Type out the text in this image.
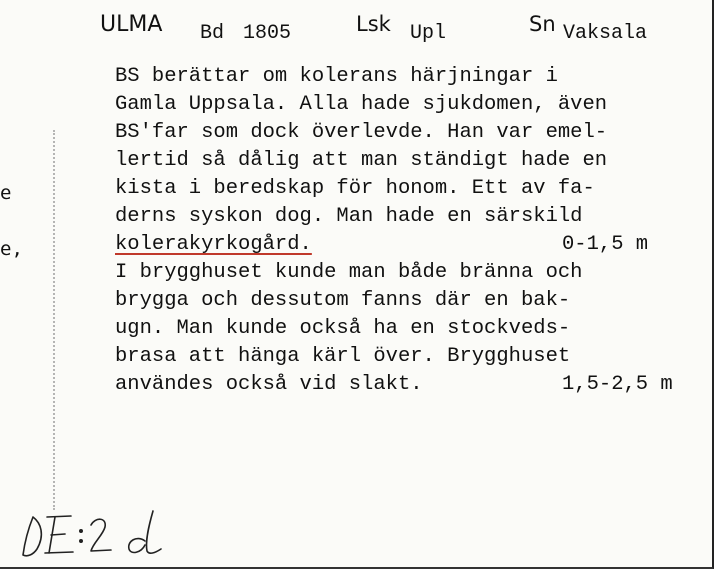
e
e,
ULMA Bd 1805	Lsk Upl	Sn Vaksala
BS berättar om kolerans härjningar i
Gamla Uppsala. Alla hade sjukdomen, även
BS'far som dock överlevde. Han var emel-
lertid så dålig att man ständigt hade en
kista i beredskap för honom. Ett av fa-
derns syskon dog. Man hade en särskild
kolerakyrkogård.	0-1,5 m
I brygghuset kunde man både bränna och
brygga och dessutom fanns där en bak-
ugn. Man kunde också ha en stockveds-
brasa att hänga kärl över. Brygghuset
användes också vid slakt.	1,5-2,5 m
